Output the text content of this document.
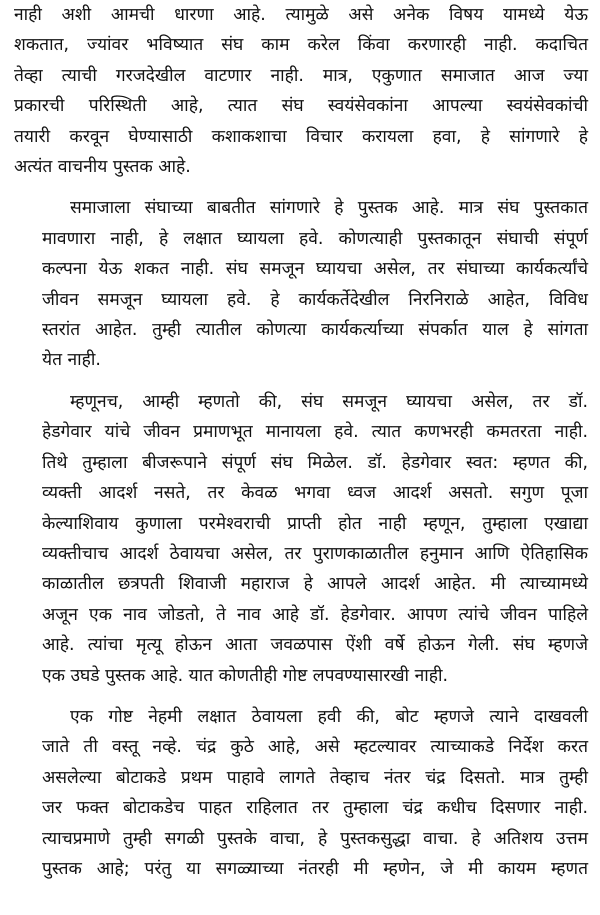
नाही अशी आमची धारणा आहे. त्यामुळे असे अनेक विषय यामध्ये येऊ
शकतात, ज्यांवर भविष्यात संघ काम करेल किंवा करणारही नाही. कदाचित
तेव्हा त्याची गरजदेखील वाटणार नाही. मात्र, एकुणात समाजात आज ज्या
प्रकारची परिस्थिती आहे, त्यात संघ स्वयंसेवकांना आपल्या स्वयंसेवकांची
तयारी करवून घेण्यासाठी कशाकशाचा विचार करायला हवा, हे सांगणारे हे
अत्यंत वाचनीय पुस्तक आहे.

समाजाला संघाच्या बाबतीत सांगणारे हे पुस्तक आहे. मात्र संघ पुस्तकात
मावणारा नाही, हे लक्षात घ्यायला हवे. कोणत्याही पुस्तकातून संघाची संपूर्ण
कल्पना येऊ शकत नाही. संघ समजून घ्यायचा असेल, तर संघाच्या कार्यकर्त्यांचे
जीवन समजून घ्यायला हवे. हे कार्यकर्तेदेखील निरनिराळे आहेत, विविध
स्तरांत आहेत. तुम्ही त्यातील कोणत्या कार्यकर्त्याच्या संपर्कात याल हे सांगता
येत नाही.

म्हणूनच, आम्ही म्हणतो की, संघ समजून घ्यायचा असेल, तर डॉ.
हेडगेवार यांचे जीवन प्रमाणभूत मानायला हवे. त्यात कणभरही कमतरता नाही.
तिथे तुम्हाला बीजरूपाने संपूर्ण संघ मिळेल. डॉ. हेडगेवार स्वत: म्हणत की,
व्यक्ती आदर्श नसते, तर केवळ भगवा ध्वज आदर्श असतो. सगुण पूजा
केल्याशिवाय कुणाला परमेश्वराची प्राप्ती होत नाही म्हणून, तुम्हाला एखाद्या
व्यक्तीचाच आदर्श ठेवायचा असेल, तर पुराणकाळातील हनुमान आणि ऐतिहासिक
काळातील छत्रपती शिवाजी महाराज हे आपले आदर्श आहेत. मी त्याच्यामध्ये
अजून एक नाव जोडतो, ते नाव आहे डॉ. हेडगेवार. आपण त्यांचे जीवन पाहिले
आहे. त्यांचा मृत्यू होऊन आता जवळपास ऐंशी वर्षे होऊन गेली. संघ म्हणजे
एक उघडे पुस्तक आहे. यात कोणतीही गोष्ट लपवण्यासारखी नाही.

एक गोष्ट नेहमी लक्षात ठेवायला हवी की, बोट म्हणजे त्याने दाखवली
जाते ती वस्तू नव्हे. चंद्र कुठे आहे, असे म्हटल्यावर त्याच्याकडे निर्देश करत
असलेल्या बोटाकडे प्रथम पाहावे लागते तेव्हाच नंतर चंद्र दिसतो. मात्र तुम्ही
जर फक्त बोटाकडेच पाहत राहिलात तर तुम्हाला चंद्र कधीच दिसणार नाही.
त्याचप्रमाणे तुम्ही सगळी पुस्तके वाचा, हे पुस्तकसुद्धा वाचा. हे अतिशय उत्तम
पुस्तक आहे; परंतु या सगळ्याच्या नंतरही मी म्हणेन, जे मी कायम म्हणत
